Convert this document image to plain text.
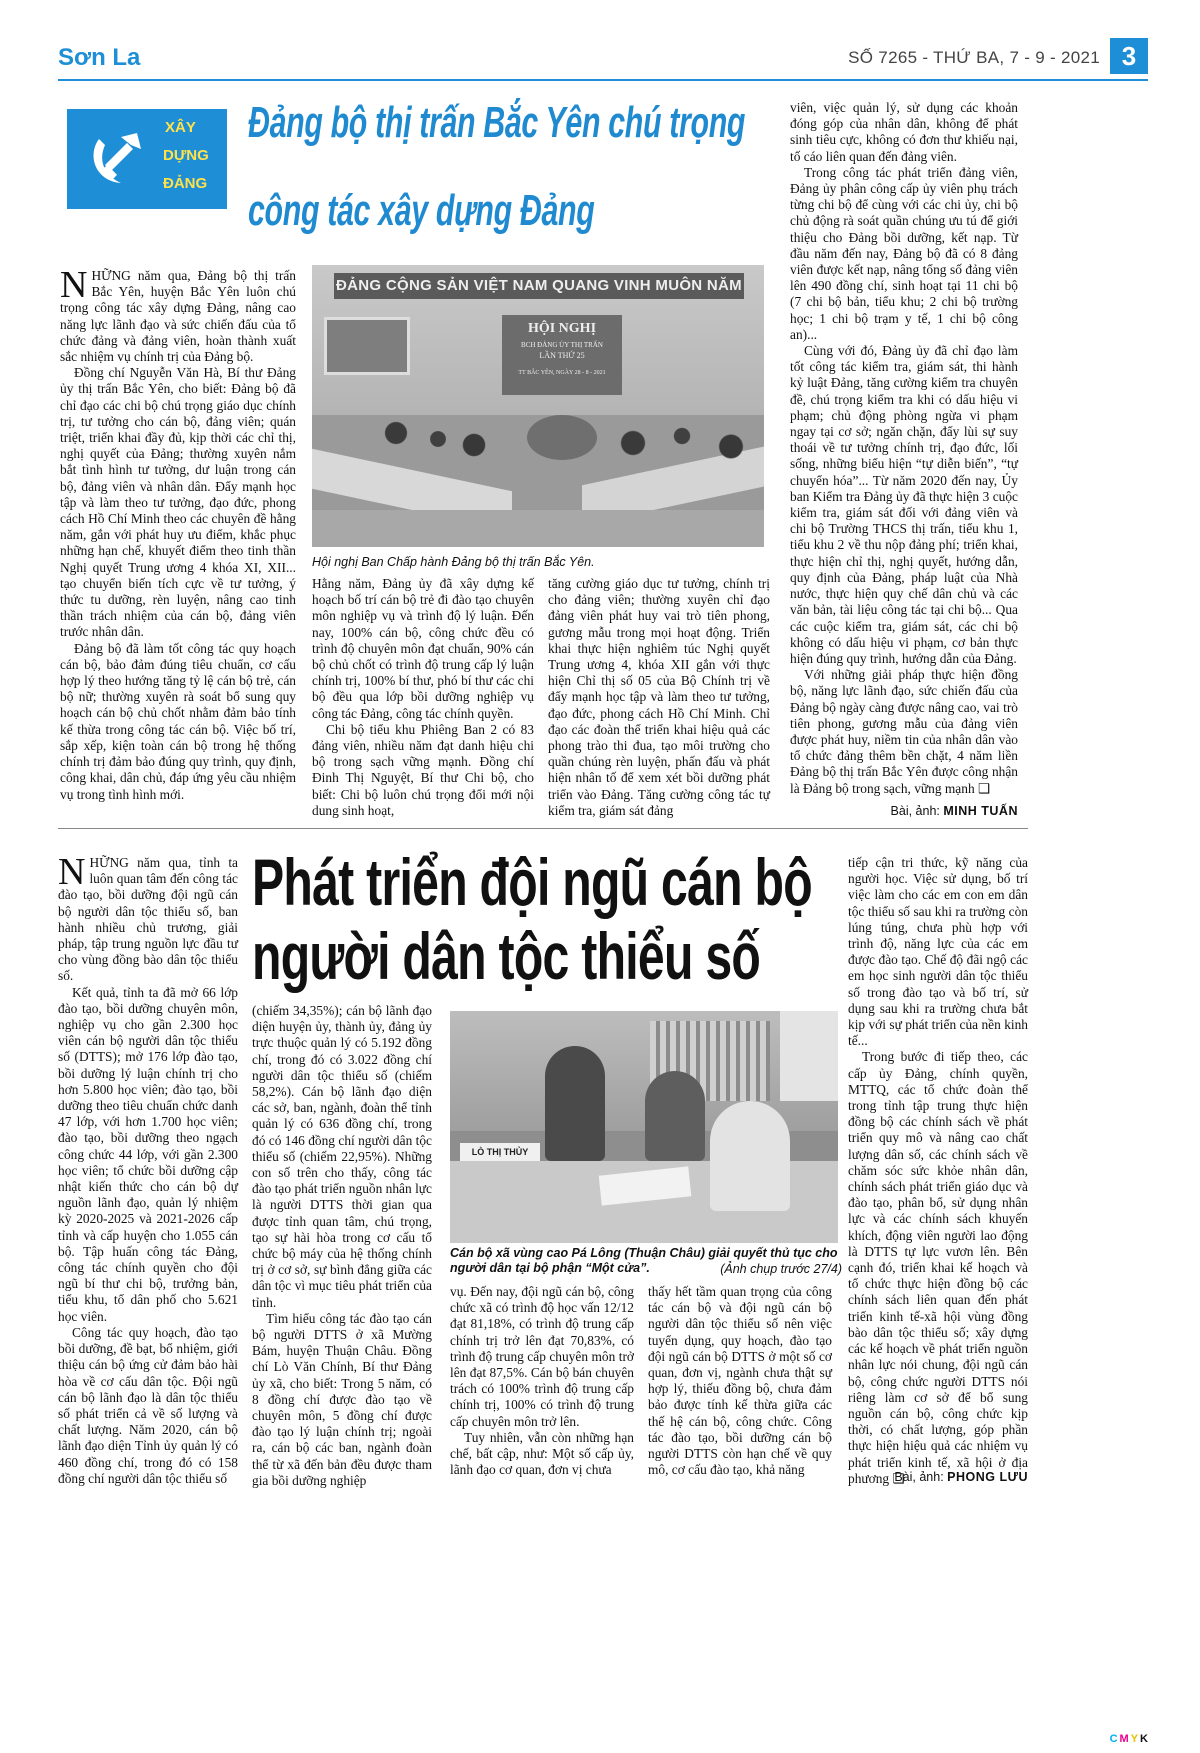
Sơn La	SỐ 7265 - THỨ BA, 7 - 9 - 2021 3
XÂY
DỰNG
ĐẢNG
Đảng bộ thị trấn Bắc Yên chú trọng
công tác xây dựng Đảng
ĐẢNG CỘNG SẢN VIỆT NAM QUANG VINH MUÔN NĂM
HỘI NGHỊ
BCH ĐẢNG ỦY THỊ TRẤN
LẦN THỨ 25
TT BẮC YÊN, NGÀY 28 - 8 - 2021
Hội nghị Ban Chấp hành Đảng bộ thị trấn Bắc Yên.

NHỮNG năm qua, Đảng bộ thị trấn Bắc Yên, huyện Bắc Yên luôn chú trọng công tác xây dựng Đảng, nâng cao năng lực lãnh đạo và sức chiến đấu của tổ chức đảng và đảng viên, hoàn thành xuất sắc nhiệm vụ chính trị của Đảng bộ.

Đồng chí Nguyễn Văn Hà, Bí thư Đảng ủy thị trấn Bắc Yên, cho biết: Đảng bộ đã chỉ đạo các chi bộ chú trọng giáo dục chính trị, tư tưởng cho cán bộ, đảng viên; quán triệt, triển khai đầy đủ, kịp thời các chỉ thị, nghị quyết của Đảng; thường xuyên nắm bắt tình hình tư tưởng, dư luận trong cán bộ, đảng viên và nhân dân. Đẩy mạnh học tập và làm theo tư tưởng, đạo đức, phong cách Hồ Chí Minh theo các chuyên đề hằng năm, gắn với phát huy ưu điểm, khắc phục những hạn chế, khuyết điểm theo tinh thần Nghị quyết Trung ương 4 khóa XI, XII... tạo chuyển biến tích cực về tư tưởng, ý thức tu dưỡng, rèn luyện, nâng cao tinh thần trách nhiệm của cán bộ, đảng viên trước nhân dân.

Đảng bộ đã làm tốt công tác quy hoạch cán bộ, bảo đảm đúng tiêu chuẩn, cơ cấu hợp lý theo hướng tăng tỷ lệ cán bộ trẻ, cán bộ nữ; thường xuyên rà soát bổ sung quy hoạch cán bộ chủ chốt nhằm đảm bảo tính kế thừa trong công tác cán bộ. Việc bố trí, sắp xếp, kiện toàn cán bộ trong hệ thống chính trị đảm bảo đúng quy trình, quy định, công khai, dân chủ, đáp ứng yêu cầu nhiệm vụ trong tình hình mới.

Hằng năm, Đảng ủy đã xây dựng kế hoạch bố trí cán bộ trẻ đi đào tạo chuyên môn nghiệp vụ và trình độ lý luận. Đến nay, 100% cán bộ, công chức đều có trình độ chuyên môn đạt chuẩn, 90% cán bộ chủ chốt có trình độ trung cấp lý luận chính trị, 100% bí thư, phó bí thư các chi bộ đều qua lớp bồi dưỡng nghiệp vụ công tác Đảng, công tác chính quyền.

Chi bộ tiểu khu Phiêng Ban 2 có 83 đảng viên, nhiều năm đạt danh hiệu chi bộ trong sạch vững mạnh. Đồng chí Đinh Thị Nguyệt, Bí thư Chi bộ, cho biết: Chi bộ luôn chú trọng đổi mới nội dung sinh hoạt,

tăng cường giáo dục tư tưởng, chính trị cho đảng viên; thường xuyên chỉ đạo đảng viên phát huy vai trò tiên phong, gương mẫu trong mọi hoạt động. Triển khai thực hiện nghiêm túc Nghị quyết Trung ương 4, khóa XII gắn với thực hiện Chỉ thị số 05 của Bộ Chính trị về đẩy mạnh học tập và làm theo tư tưởng, đạo đức, phong cách Hồ Chí Minh. Chỉ đạo các đoàn thể triển khai hiệu quả các phong trào thi đua, tạo môi trường cho quần chúng rèn luyện, phấn đấu và phát hiện nhân tố để xem xét bồi dưỡng phát triển vào Đảng. Tăng cường công tác tự kiểm tra, giám sát đảng

viên, việc quản lý, sử dụng các khoản đóng góp của nhân dân, không để phát sinh tiêu cực, không có đơn thư khiếu nại, tố cáo liên quan đến đảng viên.

Trong công tác phát triển đảng viên, Đảng ủy phân công cấp ủy viên phụ trách từng chi bộ để cùng với các chi ủy, chi bộ chủ động rà soát quần chúng ưu tú để giới thiệu cho Đảng bồi dưỡng, kết nạp. Từ đầu năm đến nay, Đảng bộ đã có 8 đảng viên được kết nạp, nâng tổng số đảng viên lên 490 đồng chí, sinh hoạt tại 11 chi bộ (7 chi bộ bản, tiểu khu; 2 chi bộ trường học; 1 chi bộ trạm y tế, 1 chi bộ công an)...

Cùng với đó, Đảng ủy đã chỉ đạo làm tốt công tác kiểm tra, giám sát, thi hành kỷ luật Đảng, tăng cường kiểm tra chuyên đề, chú trọng kiểm tra khi có dấu hiệu vi phạm; chủ động phòng ngừa vi phạm ngay tại cơ sở; ngăn chặn, đẩy lùi sự suy thoái về tư tưởng chính trị, đạo đức, lối sống, những biểu hiện “tự diễn biến”, “tự chuyển hóa”... Từ năm 2020 đến nay, Ủy ban Kiểm tra Đảng ủy đã thực hiện 3 cuộc kiểm tra, giám sát đối với đảng viên và chi bộ Trường THCS thị trấn, tiểu khu 1, tiểu khu 2 về thu nộp đảng phí; triển khai, thực hiện chỉ thị, nghị quyết, hướng dẫn, quy định của Đảng, pháp luật của Nhà nước, thực hiện quy chế dân chủ và các văn bản, tài liệu công tác tại chi bộ... Qua các cuộc kiểm tra, giám sát, các chi bộ không có dấu hiệu vi phạm, cơ bản thực hiện đúng quy trình, hướng dẫn của Đảng.

Với những giải pháp thực hiện đồng bộ, năng lực lãnh đạo, sức chiến đấu của Đảng bộ ngày càng được nâng cao, vai trò tiên phong, gương mẫu của đảng viên được phát huy, niềm tin của nhân dân vào tổ chức đảng thêm bền chặt, 4 năm liền Đảng bộ thị trấn Bắc Yên được công nhận là Đảng bộ trong sạch, vững mạnh ❑

Bài, ảnh: MINH TUẤN
Phát triển đội ngũ cán bộ
người dân tộc thiểu số
LÒ THỊ THỦY
Cán bộ xã vùng cao Pá Lông (Thuận Châu) giải quyết thủ tục cho người dân tại bộ phận “Một cửa”.	(Ảnh chụp trước 27/4)

NHỮNG năm qua, tỉnh ta luôn quan tâm đến công tác đào tạo, bồi dưỡng đội ngũ cán bộ người dân tộc thiểu số, ban hành nhiều chủ trương, giải pháp, tập trung nguồn lực đầu tư cho vùng đồng bào dân tộc thiểu số.

Kết quả, tỉnh ta đã mở 66 lớp đào tạo, bồi dưỡng chuyên môn, nghiệp vụ cho gần 2.300 học viên cán bộ người dân tộc thiểu số (DTTS); mở 176 lớp đào tạo, bồi dưỡng lý luận chính trị cho hơn 5.800 học viên; đào tạo, bồi dưỡng theo tiêu chuẩn chức danh 47 lớp, với hơn 1.700 học viên; đào tạo, bồi dưỡng theo ngạch công chức 44 lớp, với gần 2.300 học viên; tổ chức bồi dưỡng cập nhật kiến thức cho cán bộ dự nguồn lãnh đạo, quản lý nhiệm kỳ 2020-2025 và 2021-2026 cấp tỉnh và cấp huyện cho 1.055 cán bộ. Tập huấn công tác Đảng, công tác chính quyền cho đội ngũ bí thư chi bộ, trưởng bản, tiểu khu, tổ dân phố cho 5.621 học viên.

Công tác quy hoạch, đào tạo bồi dưỡng, đề bạt, bổ nhiệm, giới thiệu cán bộ ứng cử đảm bảo hài hòa về cơ cấu dân tộc. Đội ngũ cán bộ lãnh đạo là dân tộc thiểu số phát triển cả về số lượng và chất lượng. Năm 2020, cán bộ lãnh đạo diện Tỉnh ủy quản lý có 460 đồng chí, trong đó có 158 đồng chí người dân tộc thiểu số

(chiếm 34,35%); cán bộ lãnh đạo diện huyện ủy, thành ủy, đảng ủy trực thuộc quản lý có 5.192 đồng chí, trong đó có 3.022 đồng chí người dân tộc thiểu số (chiếm 58,2%). Cán bộ lãnh đạo diện các sở, ban, ngành, đoàn thể tỉnh quản lý có 636 đồng chí, trong đó có 146 đồng chí người dân tộc thiểu số (chiếm 22,95%). Những con số trên cho thấy, công tác đào tạo phát triển nguồn nhân lực là người DTTS thời gian qua được tỉnh quan tâm, chú trọng, tạo sự hài hòa trong cơ cấu tổ chức bộ máy của hệ thống chính trị ở cơ sở, sự bình đẳng giữa các dân tộc vì mục tiêu phát triển của tỉnh.

Tìm hiểu công tác đào tạo cán bộ người DTTS ở xã Mường Bám, huyện Thuận Châu. Đồng chí Lò Văn Chính, Bí thư Đảng ủy xã, cho biết: Trong 5 năm, có 8 đồng chí được đào tạo về chuyên môn, 5 đồng chí được đào tạo lý luận chính trị; ngoài ra, cán bộ các ban, ngành đoàn thể từ xã đến bản đều được tham gia bồi dưỡng nghiệp

vụ. Đến nay, đội ngũ cán bộ, công chức xã có trình độ học vấn 12/12 đạt 81,18%, có trình độ trung cấp chính trị trở lên đạt 70,83%, có trình độ trung cấp chuyên môn trở lên đạt 87,5%. Cán bộ bán chuyên trách có 100% trình độ trung cấp chính trị, 100% có trình độ trung cấp chuyên môn trở lên.

Tuy nhiên, vẫn còn những hạn chế, bất cập, như: Một số cấp ủy, lãnh đạo cơ quan, đơn vị chưa

thấy hết tầm quan trọng của công tác cán bộ và đội ngũ cán bộ người dân tộc thiểu số nên việc tuyển dụng, quy hoạch, đào tạo đội ngũ cán bộ DTTS ở một số cơ quan, đơn vị, ngành chưa thật sự hợp lý, thiếu đồng bộ, chưa đảm bảo được tính kế thừa giữa các thế hệ cán bộ, công chức. Công tác đào tạo, bồi dưỡng cán bộ người DTTS còn hạn chế về quy mô, cơ cấu đào tạo, khả năng

tiếp cận tri thức, kỹ năng của người học. Việc sử dụng, bố trí việc làm cho các em con em dân tộc thiểu số sau khi ra trường còn lúng túng, chưa phù hợp với trình độ, năng lực của các em được đào tạo. Chế độ đãi ngộ các em học sinh người dân tộc thiểu số trong đào tạo và bố trí, sử dụng sau khi ra trường chưa bắt kịp với sự phát triển của nền kinh tế...

Trong bước đi tiếp theo, các cấp ủy Đảng, chính quyền, MTTQ, các tổ chức đoàn thể trong tỉnh tập trung thực hiện đồng bộ các chính sách về phát triển quy mô và nâng cao chất lượng dân số, các chính sách về chăm sóc sức khỏe nhân dân, chính sách phát triển giáo dục và đào tạo, phân bổ, sử dụng nhân lực và các chính sách khuyến khích, động viên người lao động là DTTS tự lực vươn lên. Bên cạnh đó, triển khai kế hoạch và tổ chức thực hiện đồng bộ các chính sách liên quan đến phát triển kinh tế-xã hội vùng đồng bào dân tộc thiểu số; xây dựng các kế hoạch về phát triển nguồn nhân lực nói chung, đội ngũ cán bộ, công chức người DTTS nói riêng làm cơ sở để bổ sung nguồn cán bộ, công chức kịp thời, có chất lượng, góp phần thực hiện hiệu quả các nhiệm vụ phát triển kinh tế, xã hội ở địa phương ❑

Bài, ảnh: PHONG LƯU
CMYK
